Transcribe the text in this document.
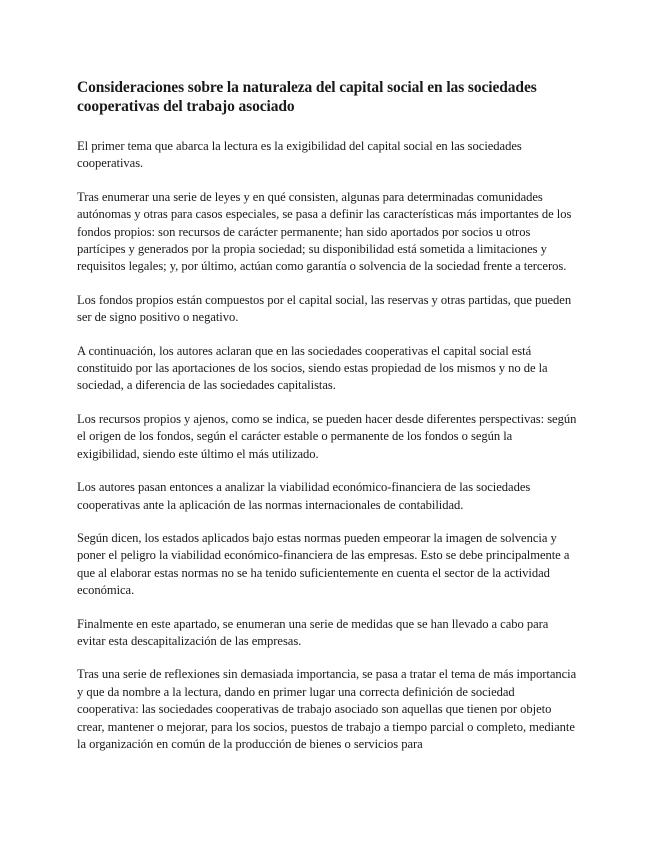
Consideraciones sobre la naturaleza del capital social en las sociedades cooperativas del trabajo asociado

El primer tema que abarca la lectura es la exigibilidad del capital social en las sociedades cooperativas.

Tras enumerar una serie de leyes y en qué consisten, algunas para determinadas comunidades autónomas y otras para casos especiales, se pasa a definir las características más importantes de los fondos propios: son recursos de carácter permanente; han sido aportados por socios u otros partícipes y generados por la propia sociedad; su disponibilidad está sometida a limitaciones y requisitos legales; y, por último, actúan como garantía o solvencia de la sociedad frente a terceros.

Los fondos propios están compuestos por el capital social, las reservas y otras partidas, que pueden ser de signo positivo o negativo.

A continuación, los autores aclaran que en las sociedades cooperativas el capital social está constituido por las aportaciones de los socios, siendo estas propiedad de los mismos y no de la sociedad, a diferencia de las sociedades capitalistas.

Los recursos propios y ajenos, como se indica, se pueden hacer desde diferentes perspectivas: según el origen de los fondos, según el carácter estable o permanente de los fondos o según la exigibilidad, siendo este último el más utilizado.

Los autores pasan entonces a analizar la viabilidad económico-financiera de las sociedades cooperativas ante la aplicación de las normas internacionales de contabilidad.

Según dicen, los estados aplicados bajo estas normas pueden empeorar la imagen de solvencia y poner el peligro la viabilidad económico-financiera de las empresas. Esto se debe principalmente a que al elaborar estas normas no se ha tenido suficientemente en cuenta el sector de la actividad económica.

Finalmente en este apartado, se enumeran una serie de medidas que se han llevado a cabo para evitar esta descapitalización de las empresas.

Tras una serie de reflexiones sin demasiada importancia, se pasa a tratar el tema de más importancia y que da nombre a la lectura, dando en primer lugar una correcta definición de sociedad cooperativa: las sociedades cooperativas de trabajo asociado son aquellas que tienen por objeto crear, mantener o mejorar, para los socios, puestos de trabajo a tiempo parcial o completo, mediante la organización en común de la producción de bienes o servicios para
